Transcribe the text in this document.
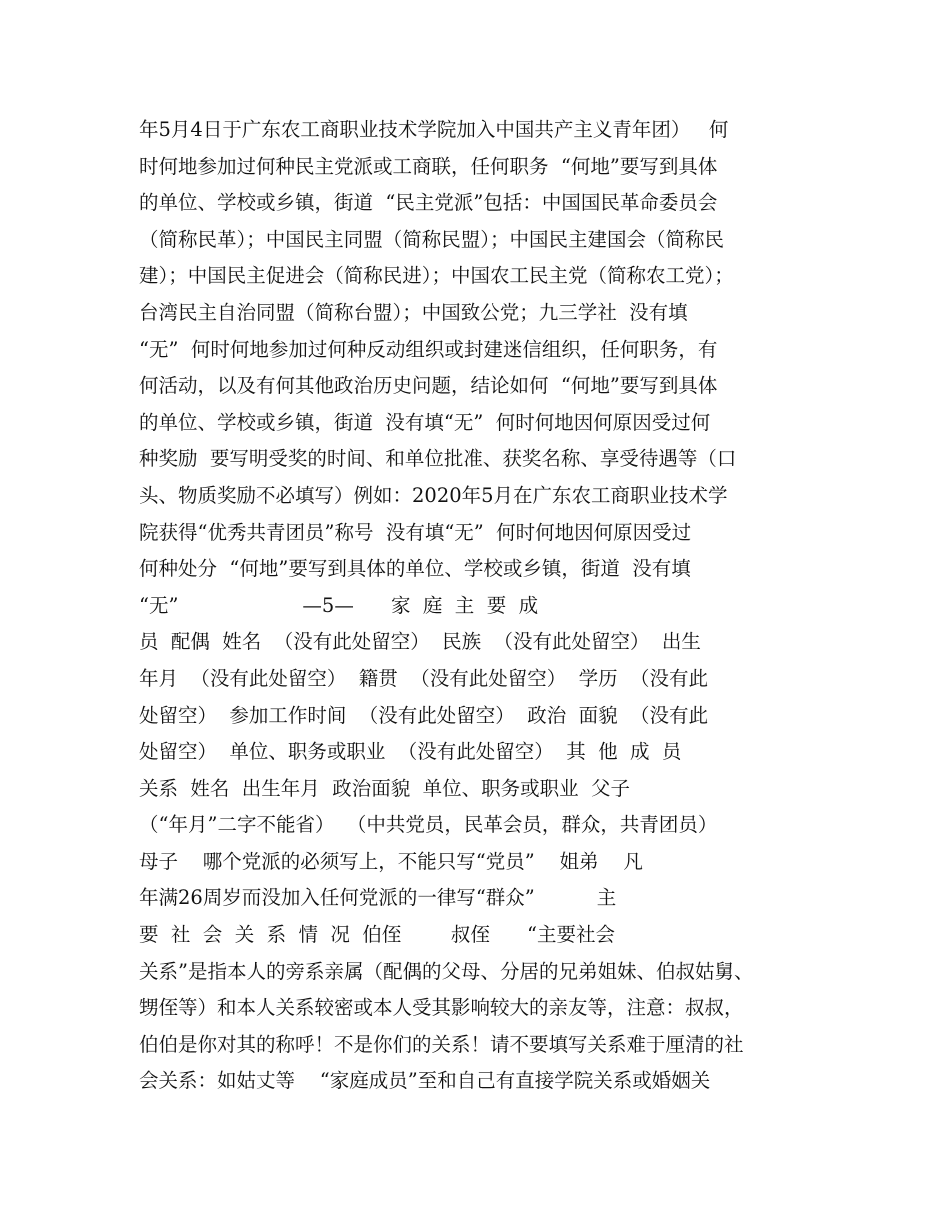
年5月4日于广东农工商职业技术学院加入中国共产主义青年团）   何
时何地参加过何种民主党派或工商联，任何职务  “何地”要写到具体
的单位、学校或乡镇，街道  “民主党派”包括：中国国民革命委员会
（简称民革）；中国民主同盟（简称民盟）；中国民主建国会（简称民
建）；中国民主促进会（简称民进）；中国农工民主党（简称农工党）；
台湾民主自治同盟（简称台盟）；中国致公党；九三学社  没有填
“无”  何时何地参加过何种反动组织或封建迷信组织，任何职务，有
何活动，以及有何其他政治历史问题，结论如何  “何地”要写到具体
的单位、学校或乡镇，街道  没有填“无”  何时何地因何原因受过何
种奖励  要写明受奖的时间、和单位批准、获奖名称、享受待遇等（口
头、物质奖励不必填写）例如：2020年5月在广东农工商职业技术学
院获得“优秀共青团员”称号  没有填“无”  何时何地因何原因受过
何种处分  “何地”要写到具体的单位、学校或乡镇，街道  没有填
“无”                    —5—      家  庭  主  要  成
员  配偶  姓名  （没有此处留空）  民族  （没有此处留空）  出生
年月  （没有此处留空）  籍贯  （没有此处留空）  学历  （没有此
处留空）  参加工作时间  （没有此处留空）  政治  面貌  （没有此
处留空）  单位、职务或职业  （没有此处留空）  其  他  成  员
关系  姓名  出生年月  政治面貌  单位、职务或职业  父子
（“年月”二字不能省）  （中共党员，民革会员，群众，共青团员）
母子    哪个党派的必须写上，不能只写“党员”    姐弟    凡
年满26周岁而没加入任何党派的一律写“群众”          主
要  社  会  关  系  情  况  伯侄        叔侄      “主要社会
关系”是指本人的旁系亲属（配偶的父母、分居的兄弟姐妹、伯叔姑舅、
甥侄等）和本人关系较密或本人受其影响较大的亲友等，注意：叔叔，
伯伯是你对其的称呼！不是你们的关系！请不要填写关系难于厘清的社
会关系：如姑丈等    “家庭成员”至和自己有直接学院关系或婚姻关
